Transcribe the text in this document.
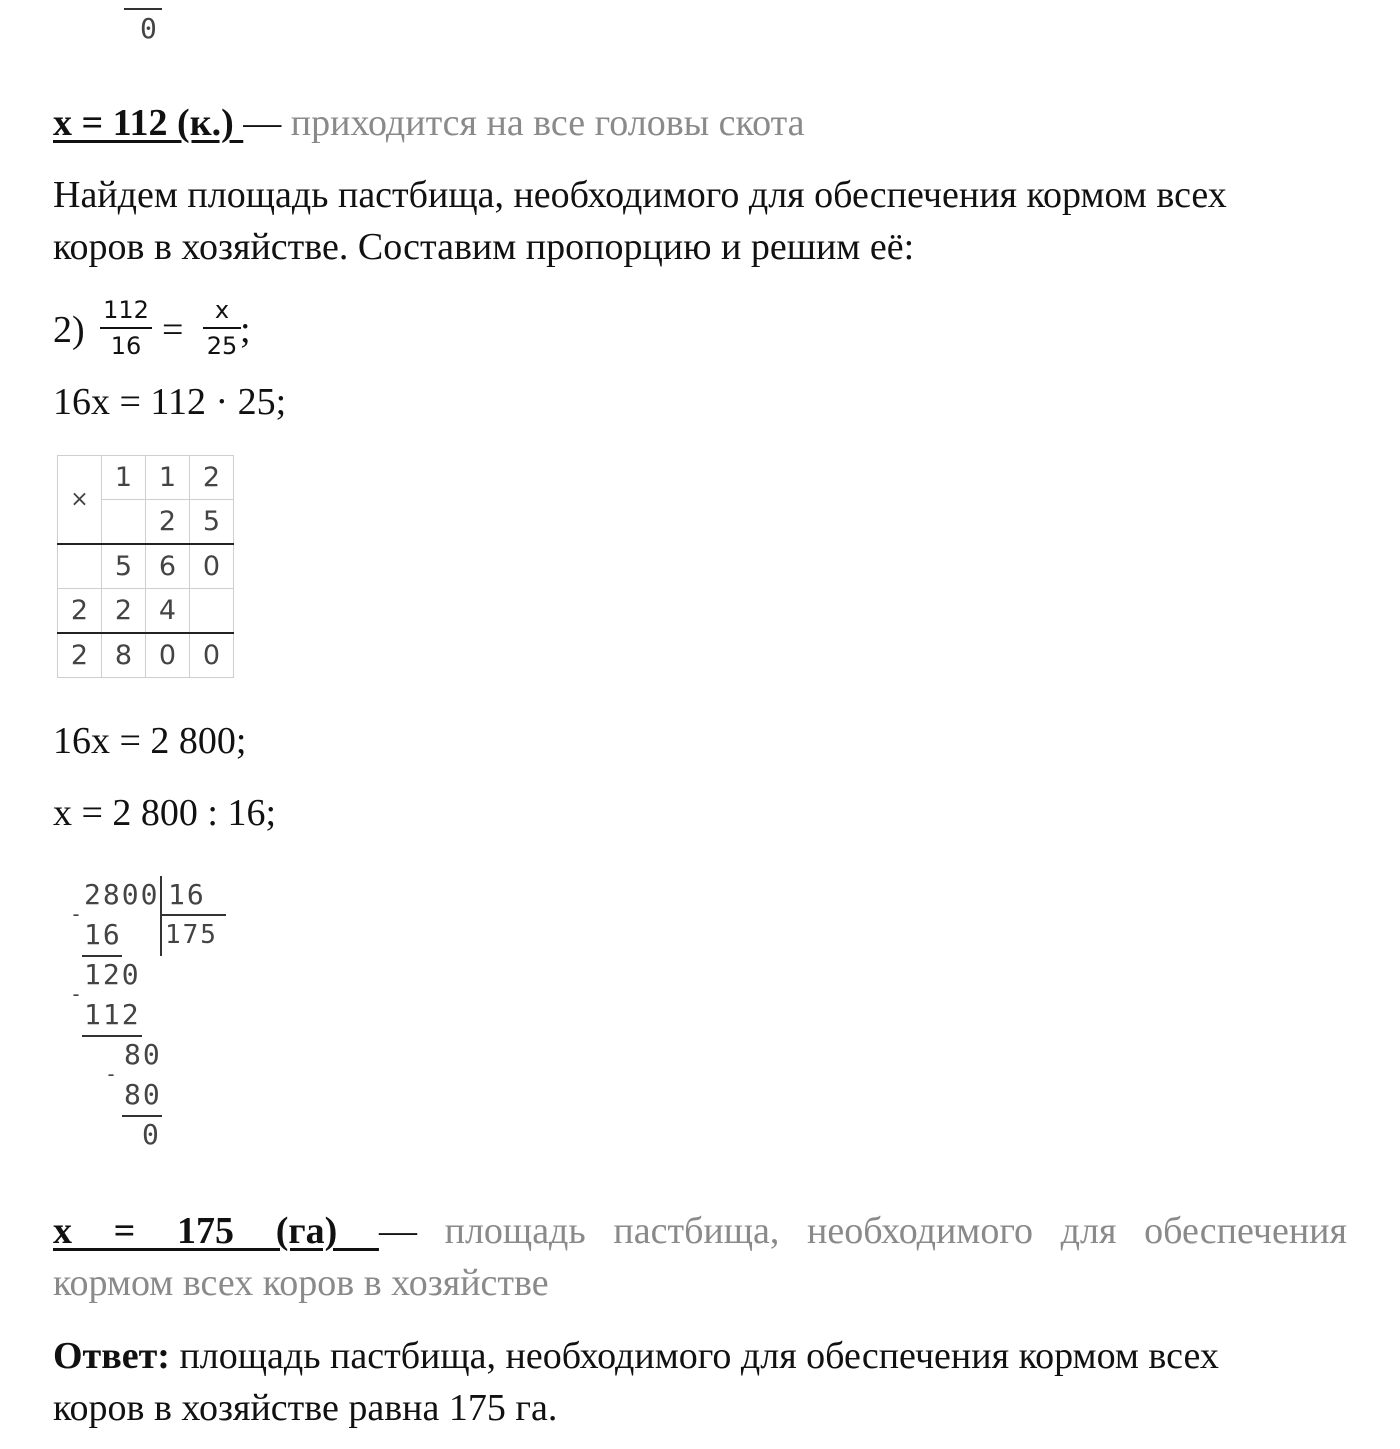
0
x = 112 (к.) — приходится на все головы скота
Найдем площадь пастбища, необходимого для обеспечения кормом всех
коров в хозяйстве. Составим пропорцию и решим её:
2) 112
16 =	x
25 ;
16x = 112 · 25;
×	1	1	2
		2	5
	5	6	0
2	2	4	
2	8	0	0
16x = 2 800;
x = 2 800 : 16;
2800 16
175
-
16
120
-
112
80
-
80
0
x = 175 (га) — площадь пастбища, необходимого для обеспечения
кормом всех коров в хозяйстве
Ответ: площадь пастбища, необходимого для обеспечения кормом всех
коров в хозяйстве равна 175 га.
